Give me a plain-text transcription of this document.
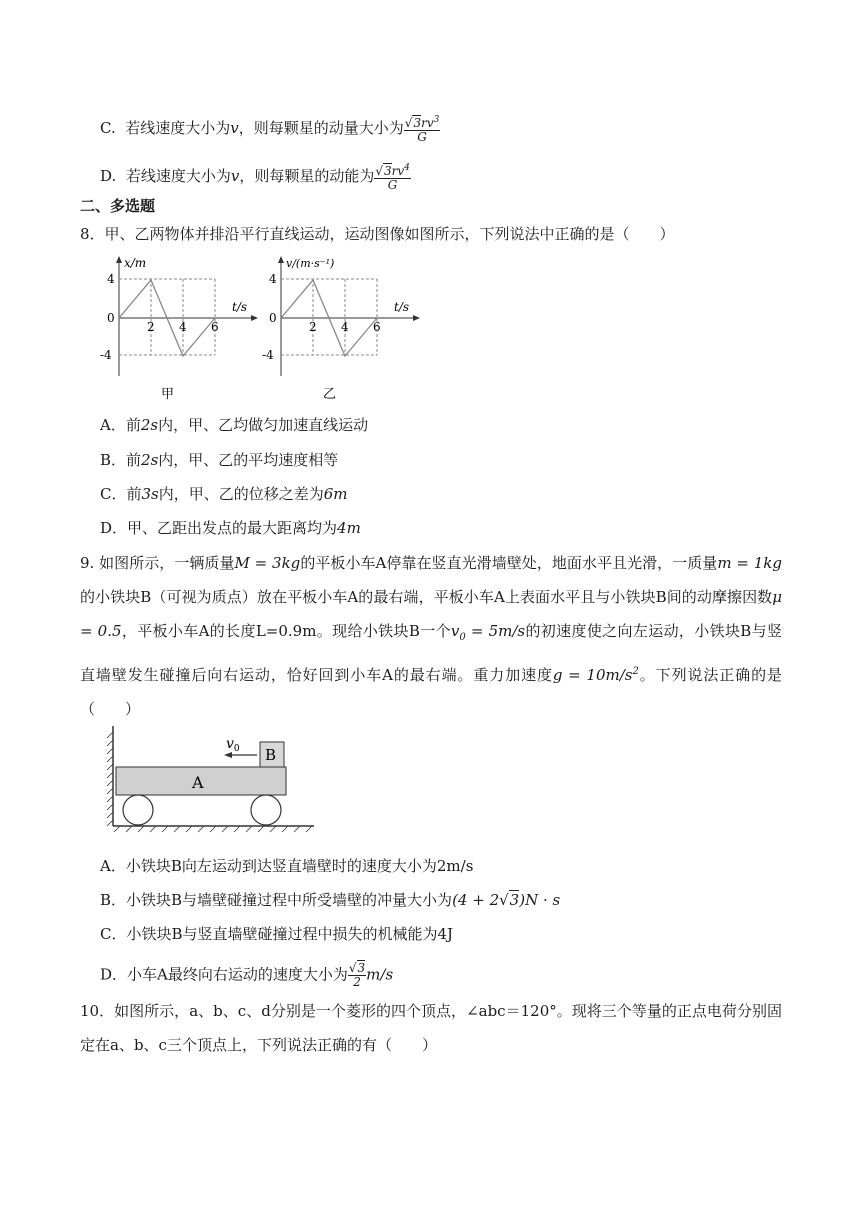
C. 若线速度大小为v，则每颗星的动量大小为 $\frac{√3rv^3}{G}$
D. 若线速度大小为v，则每颗星的动能为 $\frac{√3rv^4}{G}$
二、多选题
8．甲、乙两物体并排沿平行直线运动，运动图像如图所示，下列说法中正确的是（　　）
x/m
t/s
4
0
-4
2 4 6
甲
v/(m·s⁻¹)
t/s
4
0
-4
2 4 6
乙
A．前2s内，甲、乙均做匀加速直线运动
B．前2s内，甲、乙的平均速度相等
C．前3s内，甲、乙的位移之差为6m
D．甲、乙距出发点的最大距离均为4m
9. 如图所示，一辆质量M = 3kg的平板小车A停靠在竖直光滑墙壁处，地面水平且光滑，一质量m = 1kg的小铁块B（可视为质点）放在平板小车A的最右端，平板小车A上表面水平且与小铁块B间的动摩擦因数μ = 0.5，平板小车A的长度L=0.9m。现给小铁块B一个$v_0 = 5m/s$的初速度使之向左运动，小铁块B与竖直墙壁发生碰撞后向右运动，恰好回到小车A的最右端。重力加速度$g = 10m/s^2$。下列说法正确的是（　　）
A
B
$v_0$
A．小铁块B向左运动到达竖直墙壁时的速度大小为2m/s
B．小铁块B与墙壁碰撞过程中所受墙壁的冲量大小为(4 + 2√3)N · s
C．小铁块B与竖直墙壁碰撞过程中损失的机械能为4J
D．小车A最终向右运动的速度大小为 $\frac{√3}{2} m/s$
10．如图所示，a、b、c、d分别是一个菱形的四个顶点，∠abc＝120°。现将三个等量的正点电荷分别固定在a、b、c三个顶点上，下列说法正确的有（　　）
